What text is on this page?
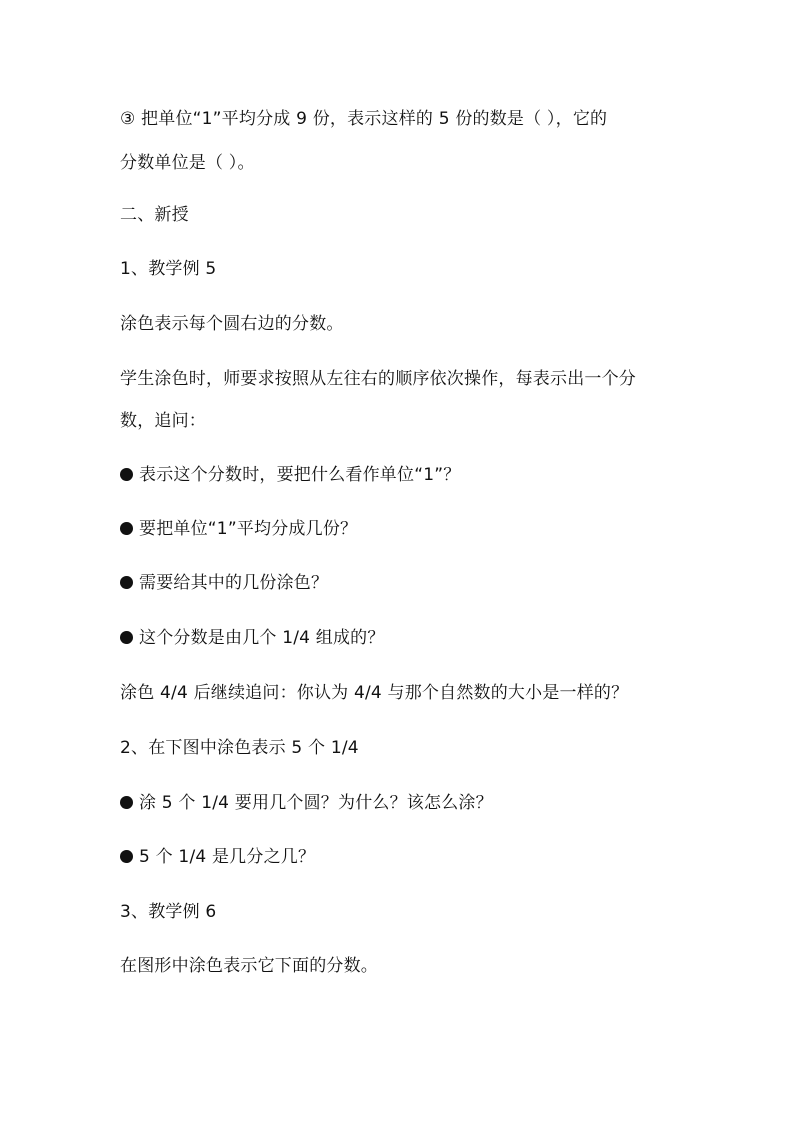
③ 把单位“1”平均分成 9 份，表示这样的 5 份的数是（ ），它的
分数单位是（ ）。
二、新授
1、教学例 5
涂色表示每个圆右边的分数。
学生涂色时，师要求按照从左往右的顺序依次操作，每表示出一个分
数，追问：
表示这个分数时，要把什么看作单位“1”？
要把单位“1”平均分成几份？
需要给其中的几份涂色？
这个分数是由几个 1/4 组成的？
涂色 4/4 后继续追问：你认为 4/4 与那个自然数的大小是一样的？
2、在下图中涂色表示 5 个 1/4
涂 5 个 1/4 要用几个圆？为什么？该怎么涂？
5 个 1/4 是几分之几？
3、教学例 6
在图形中涂色表示它下面的分数。
